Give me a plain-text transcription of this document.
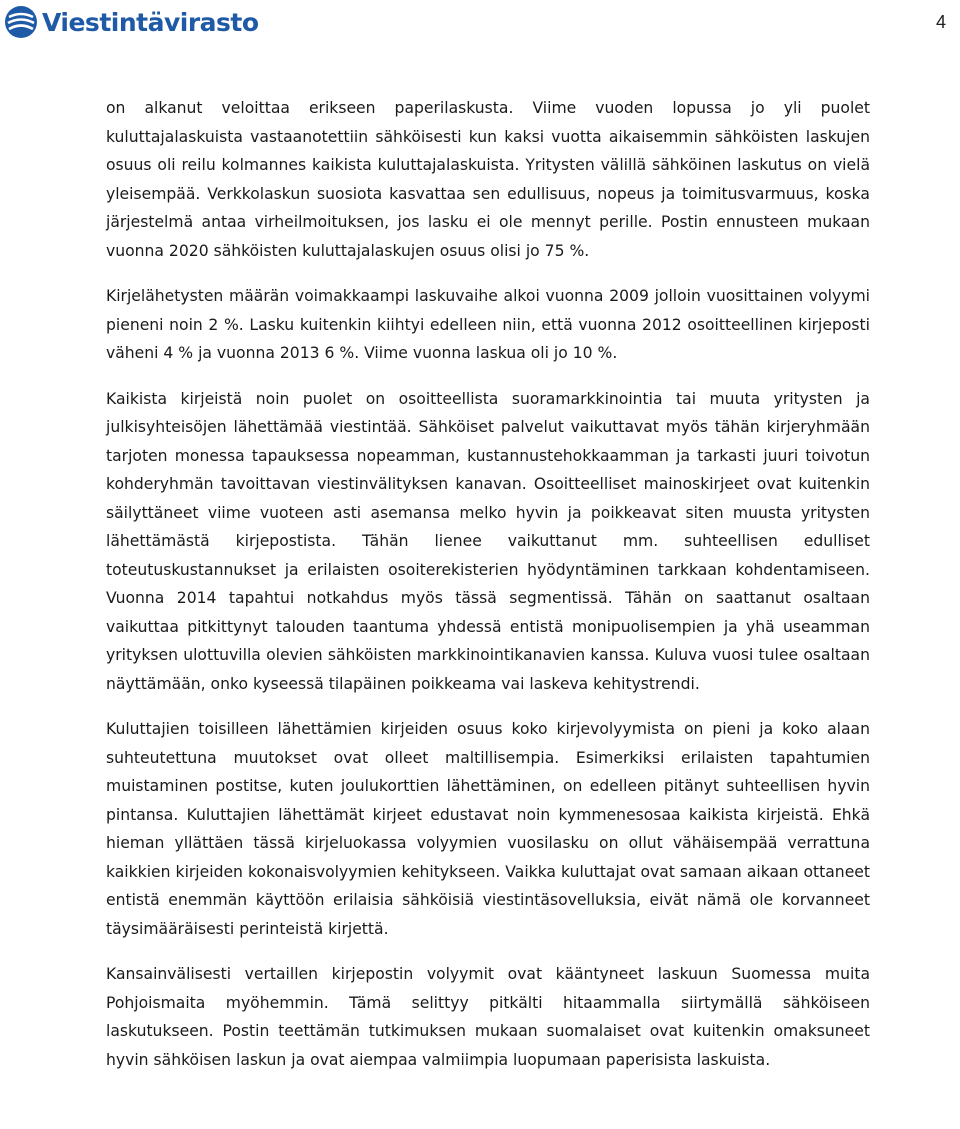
Viestintävirasto	4

on alkanut veloittaa erikseen paperilaskusta. Viime vuoden lopussa jo yli puolet kuluttajalaskuista vastaanotettiin sähköisesti kun kaksi vuotta aikaisemmin sähköisten laskujen osuus oli reilu kolmannes kaikista kuluttajalaskuista. Yritysten välillä sähköinen laskutus on vielä yleisempää. Verkkolaskun suosiota kasvattaa sen edullisuus, nopeus ja toimitusvarmuus, koska järjestelmä antaa virheilmoituksen, jos lasku ei ole mennyt perille. Postin ennusteen mukaan vuonna 2020 sähköisten kuluttajalaskujen osuus olisi jo 75 %.

Kirjelähetysten määrän voimakkaampi laskuvaihe alkoi vuonna 2009 jolloin vuosittainen volyymi pieneni noin 2 %. Lasku kuitenkin kiihtyi edelleen niin, että vuonna 2012 osoitteellinen kirjeposti väheni 4 % ja vuonna 2013 6 %. Viime vuonna laskua oli jo 10 %.

Kaikista kirjeistä noin puolet on osoitteellista suoramarkkinointia tai muuta yritysten ja julkisyhteisöjen lähettämää viestintää. Sähköiset palvelut vaikuttavat myös tähän kirjeryhmään tarjoten monessa tapauksessa nopeamman, kustannustehokkaamman ja tarkasti juuri toivotun kohderyhmän tavoittavan viestinvälityksen kanavan. Osoitteelliset mainoskirjeet ovat kuitenkin säilyttäneet viime vuoteen asti asemansa melko hyvin ja poikkeavat siten muusta yritysten lähettämästä kirjepostista. Tähän lienee vaikuttanut mm. suhteellisen edulliset toteutuskustannukset ja erilaisten osoiterekisterien hyödyntäminen tarkkaan kohdentamiseen. Vuonna 2014 tapahtui notkahdus myös tässä segmentissä. Tähän on saattanut osaltaan vaikuttaa pitkittynyt talouden taantuma yhdessä entistä monipuolisempien ja yhä useamman yrityksen ulottuvilla olevien sähköisten markkinointikanavien kanssa. Kuluva vuosi tulee osaltaan näyttämään, onko kyseessä tilapäinen poikkeama vai laskeva kehitystrendi.

Kuluttajien toisilleen lähettämien kirjeiden osuus koko kirjevolyymista on pieni ja koko alaan suhteutettuna muutokset ovat olleet maltillisempia. Esimerkiksi erilaisten tapahtumien muistaminen postitse, kuten joulukorttien lähettäminen, on edelleen pitänyt suhteellisen hyvin pintansa. Kuluttajien lähettämät kirjeet edustavat noin kymmenesosaa kaikista kirjeistä. Ehkä hieman yllättäen tässä kirjeluokassa volyymien vuosilasku on ollut vähäisempää verrattuna kaikkien kirjeiden kokonaisvolyymien kehitykseen. Vaikka kuluttajat ovat samaan aikaan ottaneet entistä enemmän käyttöön erilaisia sähköisiä viestintäsovelluksia, eivät nämä ole korvanneet täysimääräisesti perinteistä kirjettä.

Kansainvälisesti vertaillen kirjepostin volyymit ovat kääntyneet laskuun Suomessa muita Pohjoismaita myöhemmin. Tämä selittyy pitkälti hitaammalla siirtymällä sähköiseen laskutukseen. Postin teettämän tutkimuksen mukaan suomalaiset ovat kuitenkin omaksuneet hyvin sähköisen laskun ja ovat aiempaa valmiimpia luopumaan paperisista laskuista.
